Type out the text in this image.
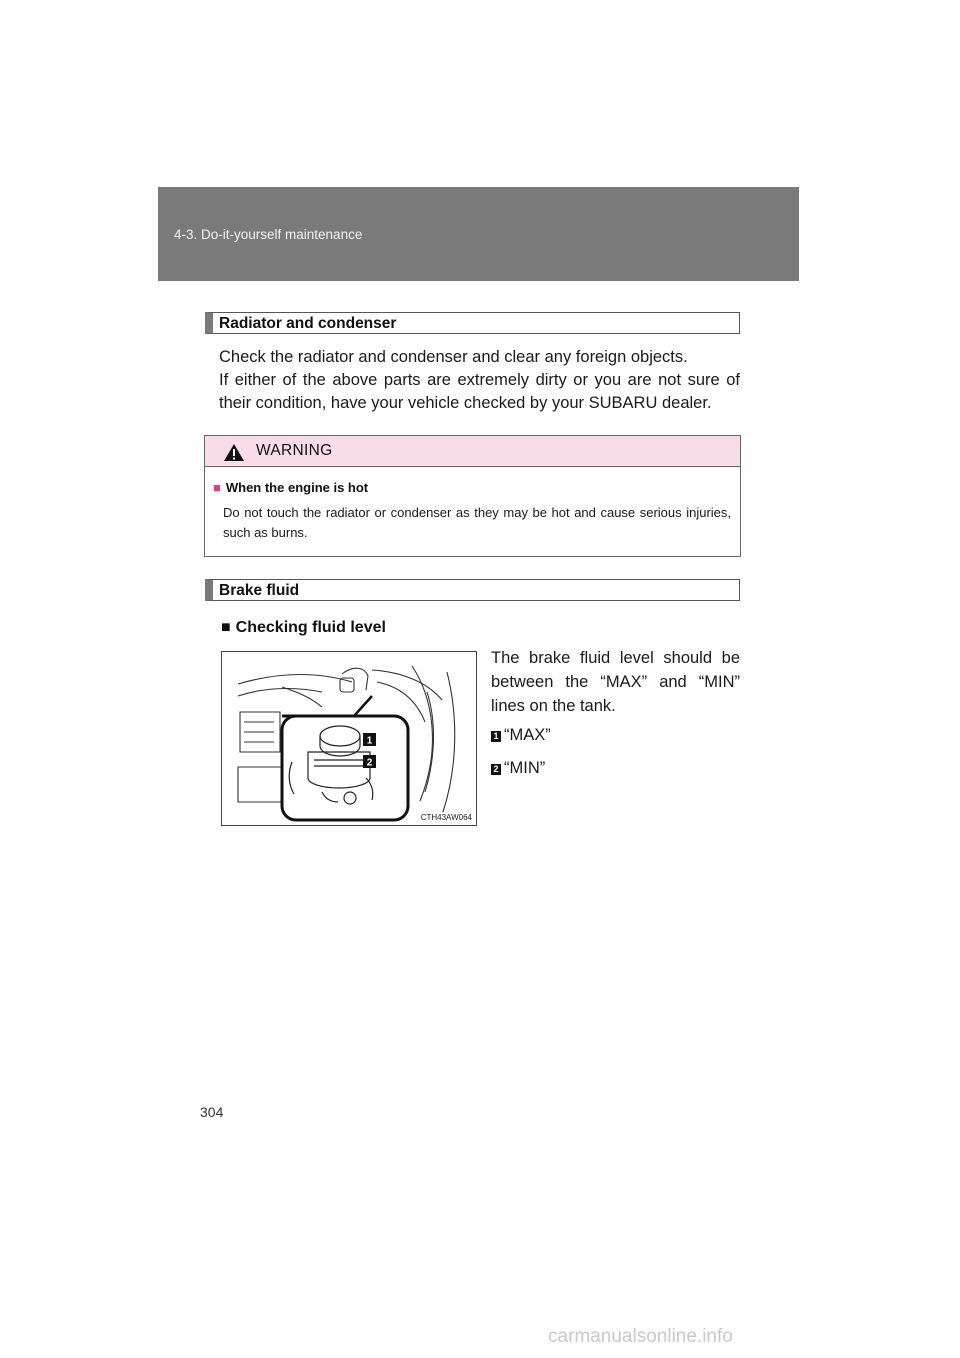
4-3. Do-it-yourself maintenance
Radiator and condenser

Check the radiator and condenser and clear any foreign objects.

If either of the above parts are extremely dirty or you are not sure of their condition, have your vehicle checked by your SUBARU dealer.

WARNING
■ When the engine is hot
Do not touch the radiator or condenser as they may be hot and cause serious injuries, such as burns.
Brake fluid
■ Checking fluid level
1
2
CTH43AW064

The brake fluid level should be between the “MAX” and “MIN” lines on the tank.

1 “MAX”
2 “MIN”
304
carmanualsonline.info
